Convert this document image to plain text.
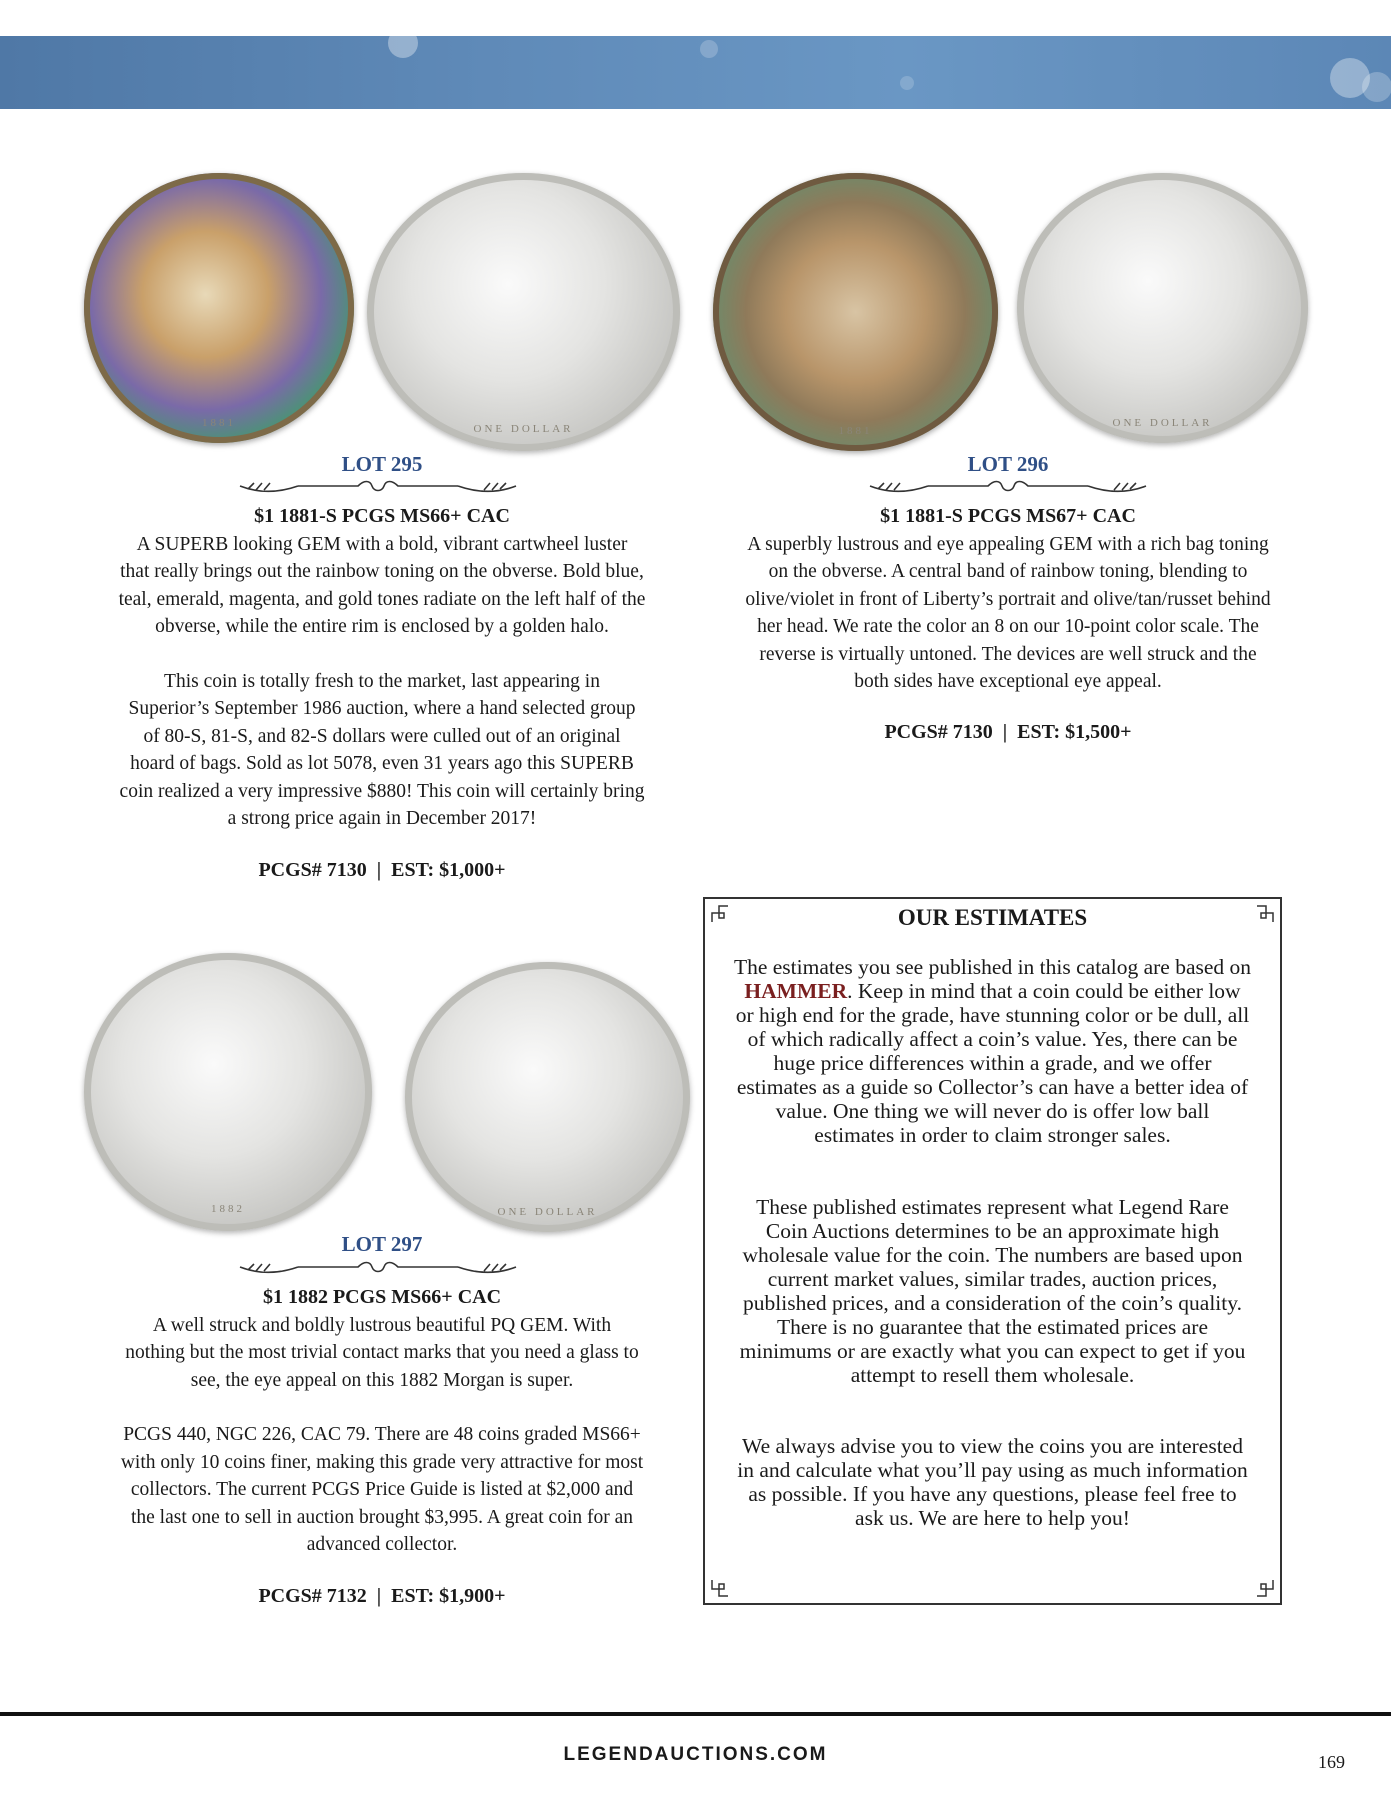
1881	ONE DOLLAR	1881
ONE DOLLAR
1882	ONE DOLLAR
LOT 295
$1 1881-S PCGS MS66+ CAC
A SUPERB looking GEM with a bold, vibrant cartwheel luster
that really brings out the rainbow toning on the obverse. Bold blue,
teal, emerald, magenta, and gold tones radiate on the left half of the
obverse, while the entire rim is enclosed by a golden halo.
This coin is totally fresh to the market, last appearing in
Superior’s September 1986 auction, where a hand selected group
of 80-S, 81-S, and 82-S dollars were culled out of an original
hoard of bags. Sold as lot 5078, even 31 years ago this SUPERB
coin realized a very impressive $880! This coin will certainly bring
a strong price again in December 2017!
PCGS# 7130  |  EST: $1,000+
LOT 296
$1 1881-S PCGS MS67+ CAC
A superbly lustrous and eye appealing GEM with a rich bag toning
on the obverse. A central band of rainbow toning, blending to
olive/violet in front of Liberty’s portrait and olive/tan/russet behind
her head. We rate the color an 8 on our 10-point color scale. The
reverse is virtually untoned. The devices are well struck and the
both sides have exceptional eye appeal.
PCGS# 7130  |  EST: $1,500+
LOT 297
$1 1882 PCGS MS66+ CAC
A well struck and boldly lustrous beautiful PQ GEM. With
nothing but the most trivial contact marks that you need a glass to
see, the eye appeal on this 1882 Morgan is super.
PCGS 440, NGC 226, CAC 79. There are 48 coins graded MS66+
with only 10 coins finer, making this grade very attractive for most
collectors. The current PCGS Price Guide is listed at $2,000 and
the last one to sell in auction brought $3,995. A great coin for an
advanced collector.
PCGS# 7132  |  EST: $1,900+
OUR ESTIMATES
The estimates you see published in this catalog are based on HAMMER. Keep in mind that a coin could be either low or high end for the grade, have stunning color or be dull, all of which radically affect a coin’s value. Yes, there can be huge price differences within a grade, and we offer estimates as a guide so Collector’s can have a better idea of value. One thing we will never do is offer low ball estimates in order to claim stronger sales.
These published estimates represent what Legend Rare Coin Auctions determines to be an approximate high wholesale value for the coin. The numbers are based upon current market values, similar trades, auction prices, published prices, and a consideration of the coin’s quality. There is no guarantee that the estimated prices are minimums or are exactly what you can expect to get if you attempt to resell them wholesale.
We always advise you to view the coins you are interested in and calculate what you’ll pay using as much information as possible. If you have any questions, please feel free to ask us. We are here to help you!
LEGENDAUCTIONS.COM	169
